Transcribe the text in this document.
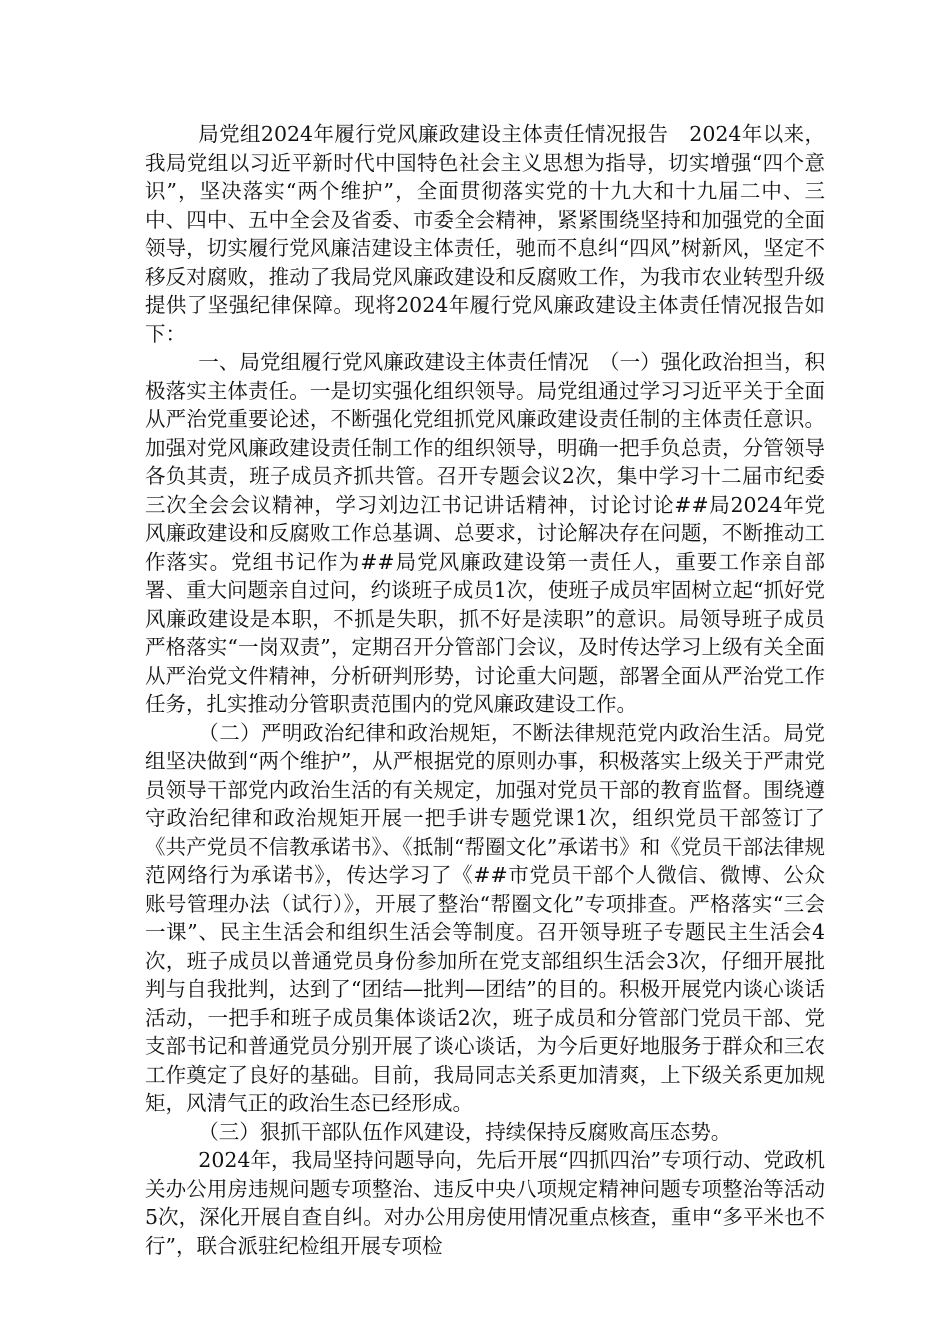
局党组2024年履行党风廉政建设主体责任情况报告　2024年以来，我局党组以习近平新时代中国特色社会主义思想为指导，切实增强“四个意识”，坚决落实“两个维护”，全面贯彻落实党的十九大和十九届二中、三中、四中、五中全会及省委、市委全会精神，紧紧围绕坚持和加强党的全面领导，切实履行党风廉洁建设主体责任，驰而不息纠“四风”树新风，坚定不移反对腐败，推动了我局党风廉政建设和反腐败工作，为我市农业转型升级提供了坚强纪律保障。现将2024年履行党风廉政建设主体责任情况报告如下：

一、局党组履行党风廉政建设主体责任情况　（一）强化政治担当，积极落实主体责任。一是切实强化组织领导。局党组通过学习习近平关于全面从严治党重要论述，不断强化党组抓党风廉政建设责任制的主体责任意识。加强对党风廉政建设责任制工作的组织领导，明确一把手负总责，分管领导各负其责，班子成员齐抓共管。召开专题会议2次，集中学习十二届市纪委三次全会会议精神，学习刘边江书记讲话精神，讨论讨论##局2024年党风廉政建设和反腐败工作总基调、总要求，讨论解决存在问题，不断推动工作落实。党组书记作为##局党风廉政建设第一责任人，重要工作亲自部署、重大问题亲自过问，约谈班子成员1次，使班子成员牢固树立起“抓好党风廉政建设是本职，不抓是失职，抓不好是渎职”的意识。局领导班子成员严格落实“一岗双责”，定期召开分管部门会议，及时传达学习上级有关全面从严治党文件精神，分析研判形势，讨论重大问题，部署全面从严治党工作任务，扎实推动分管职责范围内的党风廉政建设工作。

（二）严明政治纪律和政治规矩，不断法律规范党内政治生活。局党组坚决做到“两个维护”，从严根据党的原则办事，积极落实上级关于严肃党员领导干部党内政治生活的有关规定，加强对党员干部的教育监督。围绕遵守政治纪律和政治规矩开展一把手讲专题党课1次，组织党员干部签订了《共产党员不信教承诺书》、《抵制“帮圈文化”承诺书》和《党员干部法律规范网络行为承诺书》，传达学习了《##市党员干部个人微信、微博、公众账号管理办法（试行）》，开展了整治“帮圈文化”专项排查。严格落实“三会一课”、民主生活会和组织生活会等制度。召开领导班子专题民主生活会4次，班子成员以普通党员身份参加所在党支部组织生活会3次，仔细开展批判与自我批判，达到了“团结—批判—团结”的目的。积极开展党内谈心谈话活动，一把手和班子成员集体谈话2次，班子成员和分管部门党员干部、党支部书记和普通党员分别开展了谈心谈话，为今后更好地服务于群众和三农工作奠定了良好的基础。目前，我局同志关系更加清爽，上下级关系更加规矩，风清气正的政治生态已经形成。

（三）狠抓干部队伍作风建设，持续保持反腐败高压态势。

2024年，我局坚持问题导向，先后开展“四抓四治”专项行动、党政机关办公用房违规问题专项整治、违反中央八项规定精神问题专项整治等活动5次，深化开展自查自纠。对办公用房使用情况重点核查，重申“多平米也不行”，联合派驻纪检组开展专项检
